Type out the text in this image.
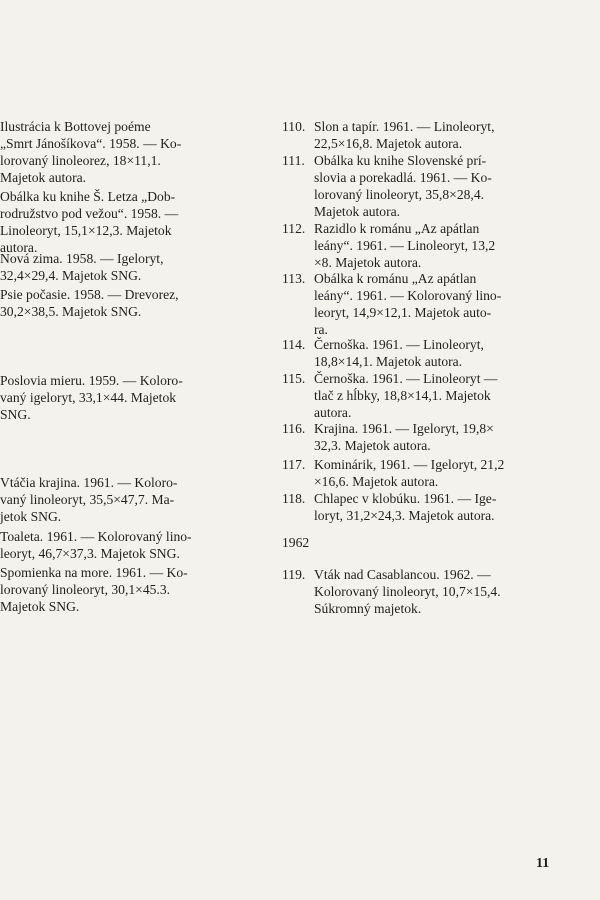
Ilustrácia k Bottovej poéme
„Smrt Jánošíkova“. 1958. — Ko-
lorovaný linoleorez, 18×11,1.
Majetok autora.

Obálka ku knihe Š. Letza „Dob-
rodružstvo pod vežou“. 1958. —
Linoleoryt, 15,1×12,3. Majetok
autora.

Nová zima. 1958. — Igeloryt,
32,4×29,4. Majetok SNG.

Psie počasie. 1958. — Drevorez,
30,2×38,5. Majetok SNG.

Poslovia mieru. 1959. — Koloro-
vaný igeloryt, 33,1×44. Majetok
SNG.

Vtáčia krajina. 1961. — Koloro-
vaný linoleoryt, 35,5×47,7. Ma-
jetok SNG.

Toaleta. 1961. — Kolorovaný lino-
leoryt, 46,7×37,3. Majetok SNG.

Spomienka na more. 1961. — Ko-
lorovaný linoleoryt, 30,1×45.3.
Majetok SNG.

110. Slon a tapír. 1961. — Linoleoryt,
22,5×16,8. Majetok autora.
111. Obálka ku knihe Slovenské prí-
slovia a porekadlá. 1961. — Ko-
lorovaný linoleoryt, 35,8×28,4.
Majetok autora.
112. Razidlo k románu „Az apátlan
leány“. 1961. — Linoleoryt, 13,2
×8. Majetok autora.
113. Obálka k románu „Az apátlan
leány“. 1961. — Kolorovaný lino-
leoryt, 14,9×12,1. Majetok auto-
ra.
114. Černoška. 1961. — Linoleoryt,
18,8×14,1. Majetok autora.
115. Černoška. 1961. — Linoleoryt —
tlač z hĺbky, 18,8×14,1. Majetok
autora.
116. Krajina. 1961. — Igeloryt, 19,8×
32,3. Majetok autora.
117. Kominárik, 1961. — Igeloryt, 21,2
×16,6. Majetok autora.
118. Chlapec v klobúku. 1961. — Ige-
loryt, 31,2×24,3. Majetok autora.
1962
119. Vták nad Casablancou. 1962. —
Kolorovaný linoleoryt, 10,7×15,4.
Súkromný majetok.
11
